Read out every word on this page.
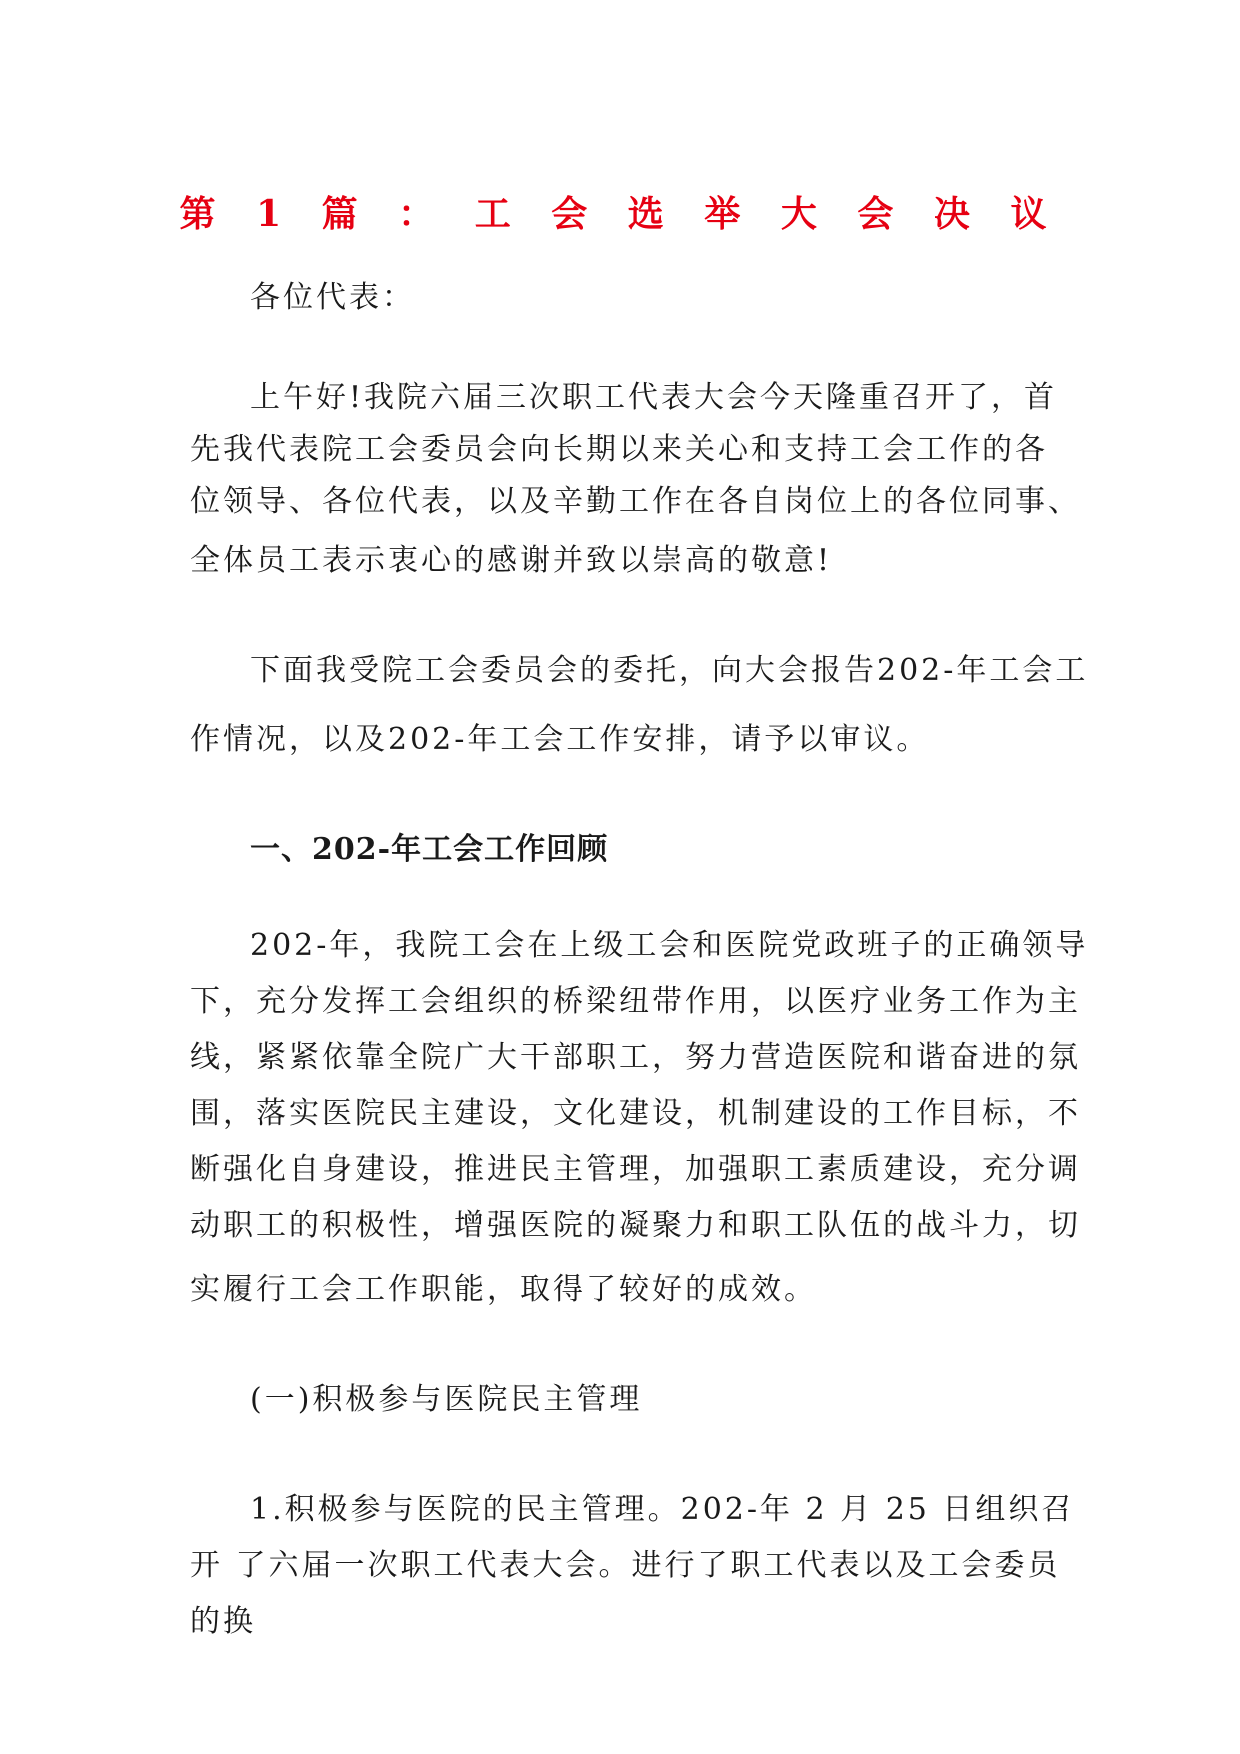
第 1 篇 ： 工 会 选 举 大 会 决 议
各位代表：
上午好!我院六届三次职工代表大会今天隆重召开了，首
先我代表院工会委员会向长期以来关心和支持工会工作的各
位领导、各位代表，以及辛勤工作在各自岗位上的各位同事、
全体员工表示衷心的感谢并致以崇高的敬意!
下面我受院工会委员会的委托，向大会报告202-年工会工
作情况，以及202-年工会工作安排，请予以审议。
一、202-年工会工作回顾
202-年，我院工会在上级工会和医院党政班子的正确领导
下，充分发挥工会组织的桥梁纽带作用，以医疗业务工作为主
线，紧紧依靠全院广大干部职工，努力营造医院和谐奋进的氛
围，落实医院民主建设，文化建设，机制建设的工作目标，不
断强化自身建设，推进民主管理，加强职工素质建设，充分调
动职工的积极性，增强医院的凝聚力和职工队伍的战斗力，切
实履行工会工作职能，取得了较好的成效。
(一)积极参与医院民主管理
1.积极参与医院的民主管理。202-年 2 月 25 日组织召
开 了六届一次职工代表大会。进行了职工代表以及工会委员
的换
